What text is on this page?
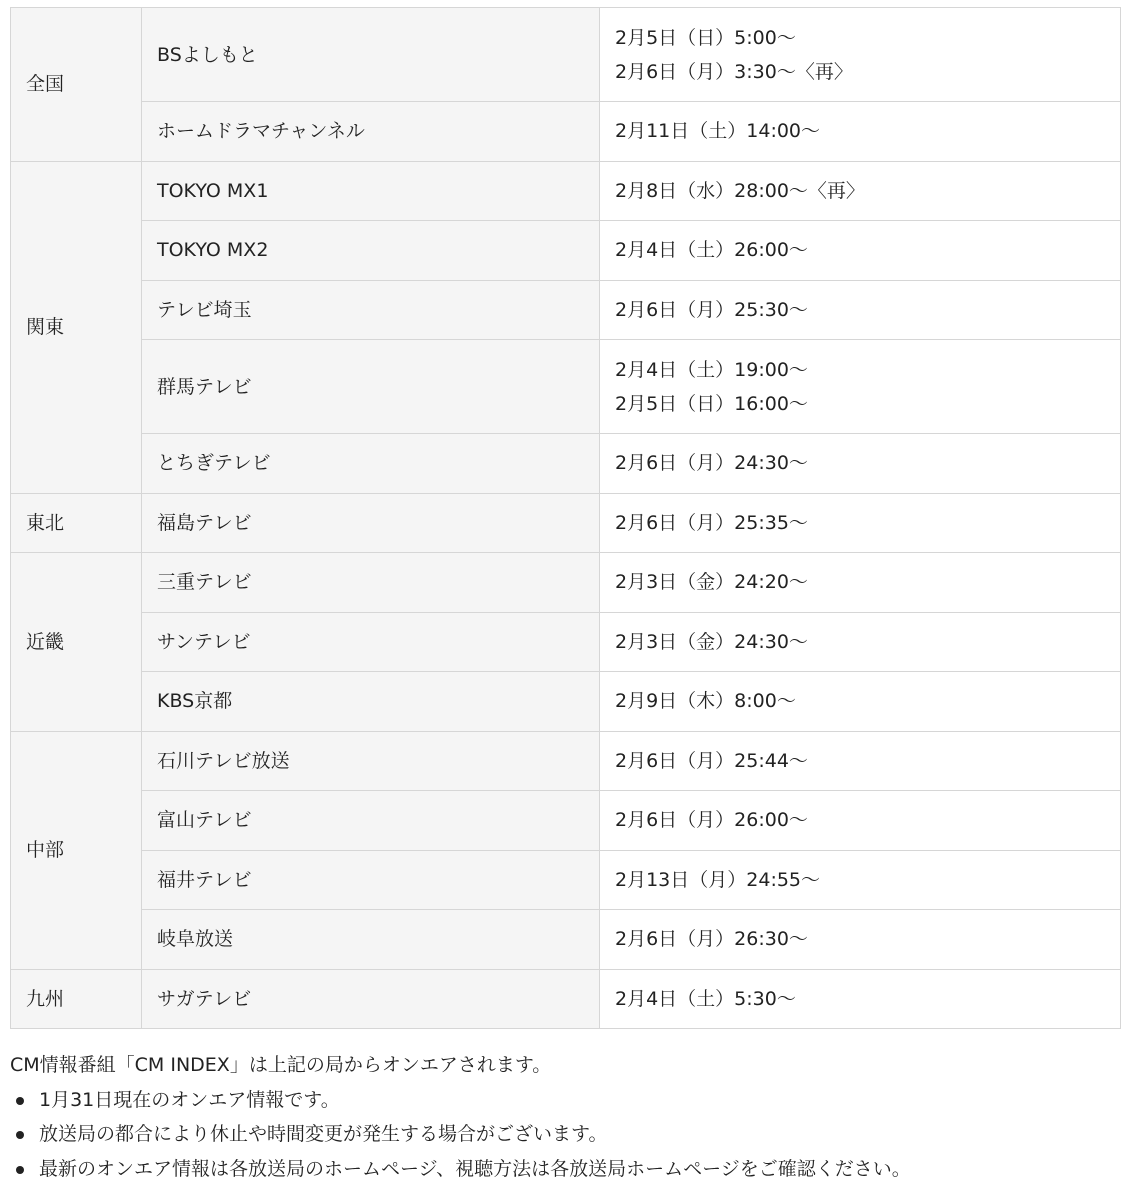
全国	BSよしもと	2月5日（日）5:00〜
2月6日（月）3:30〜〈再〉

	ホームドラマチャンネル	2月11日（土）14:00〜

関東	TOKYO MX1	2月8日（水）28:00〜〈再〉

	TOKYO MX2	2月4日（土）26:00〜

	テレビ埼玉	2月6日（月）25:30〜

	群馬テレビ	2月4日（土）19:00〜
2月5日（日）16:00〜

	とちぎテレビ	2月6日（月）24:30〜

東北	福島テレビ	2月6日（月）25:35〜

近畿	三重テレビ	2月3日（金）24:20〜

	サンテレビ	2月3日（金）24:30〜

	KBS京都	2月9日（木）8:00〜

中部	石川テレビ放送	2月6日（月）25:44〜

	富山テレビ	2月6日（月）26:00〜

	福井テレビ	2月13日（月）24:55〜

	岐阜放送	2月6日（月）26:30〜

九州	サガテレビ	2月4日（土）5:30〜

CM情報番組「CM INDEX」は上記の局からオンエアされます。

1月31日現在のオンエア情報です。
放送局の都合により休止や時間変更が発生する場合がございます。
最新のオンエア情報は各放送局のホームページ、視聴方法は各放送局ホームページをご確認ください。
